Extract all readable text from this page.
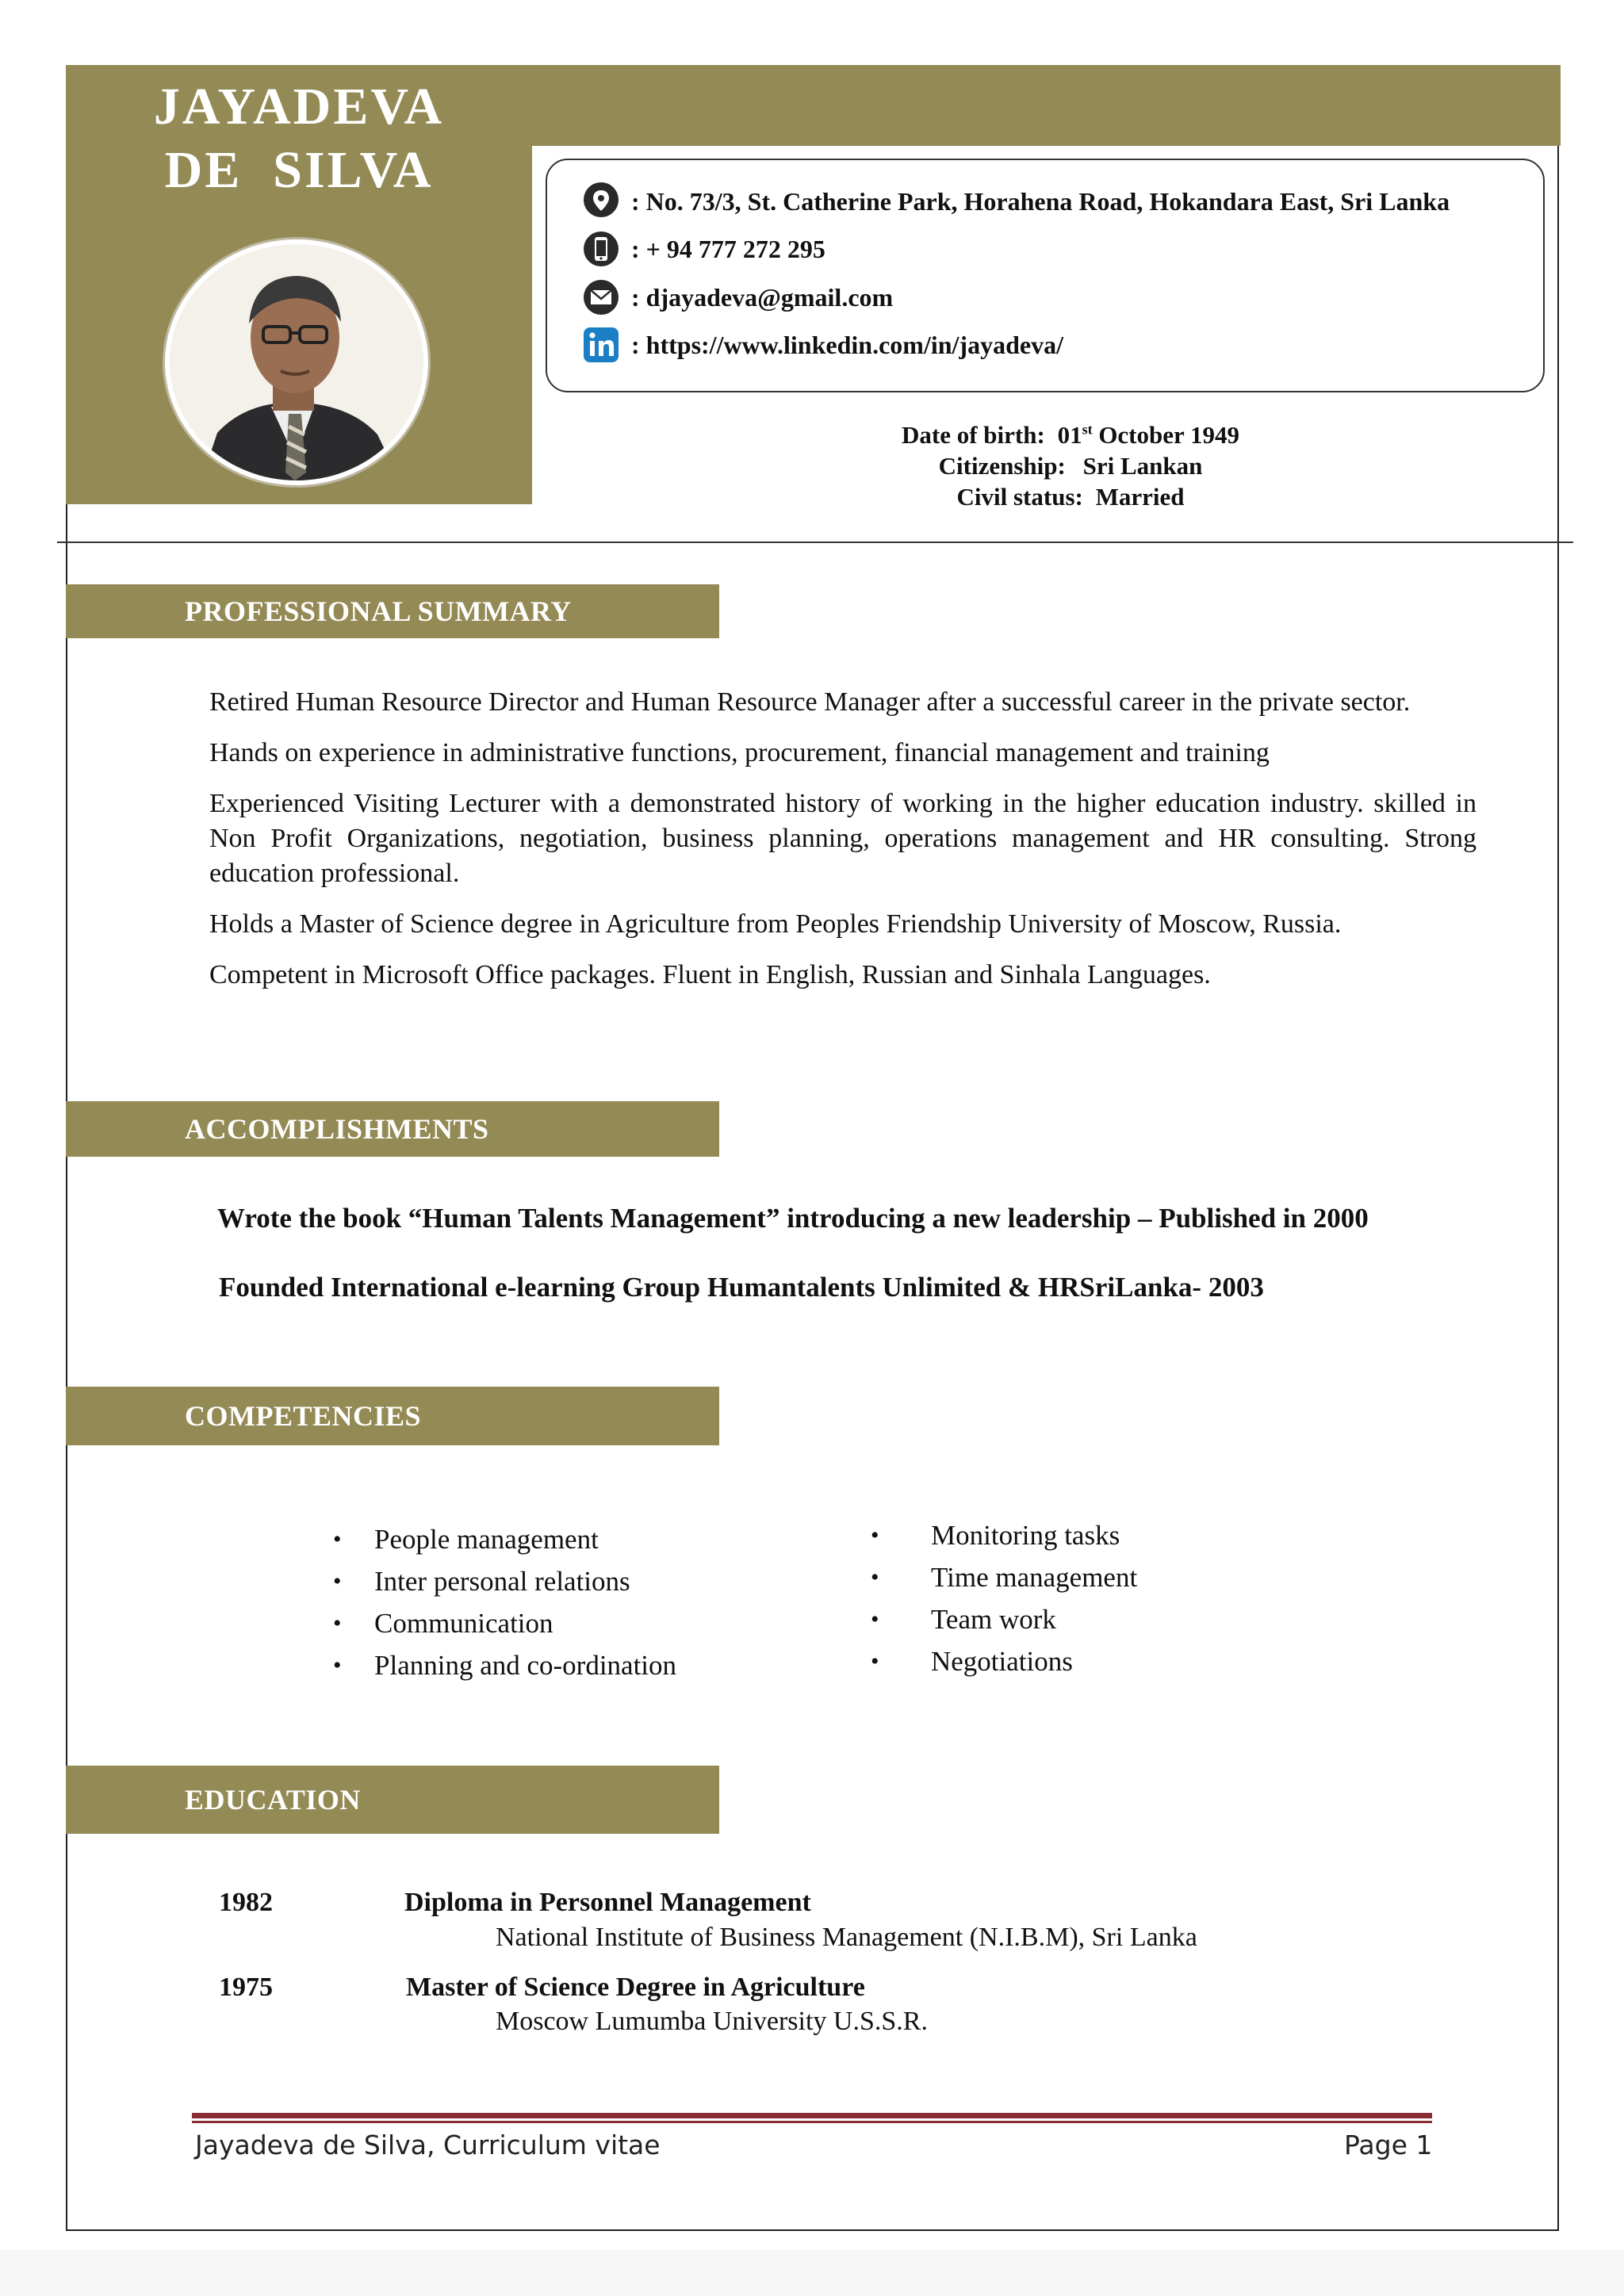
JAYADEVA
DE  SILVA
: No. 73/3, St. Catherine Park, Horahena Road, Hokandara East, Sri Lanka
: + 94 777 272 295
: djayadeva@gmail.com
: https://www.linkedin.com/in/jayadeva/
Date of birth: 01st October 1949
Citizenship: Sri Lankan
Civil status: Married
PROFESSIONAL SUMMARY

Retired Human Resource Director and Human Resource Manager after a successful career in the private sector.

Hands on experience in administrative functions, procurement, financial management and training

Experienced Visiting Lecturer with a demonstrated history of working in the higher education industry. skilled in Non Profit Organizations, negotiation, business planning, operations management and HR consulting. Strong education professional.

Holds a Master of Science degree in Agriculture from Peoples Friendship University of Moscow, Russia.

Competent in Microsoft Office packages. Fluent in English, Russian and Sinhala Languages.

ACCOMPLISHMENTS
Wrote the book “Human Talents Management” introducing a new leadership – Published in 2000
Founded International e-learning Group Humantalents Unlimited & HRSriLanka- 2003
COMPETENCIES
• People management
• Inter personal relations
• Communication
• Planning and co-ordination
• Monitoring tasks
• Time management
• Team work
• Negotiations
EDUCATION
1982	Diploma in Personnel Management
National Institute of Business Management (N.I.B.M), Sri Lanka
1975	Master of Science Degree in Agriculture
Moscow Lumumba University U.S.S.R.
Jayadeva de Silva, Curriculum vitae	Page 1
